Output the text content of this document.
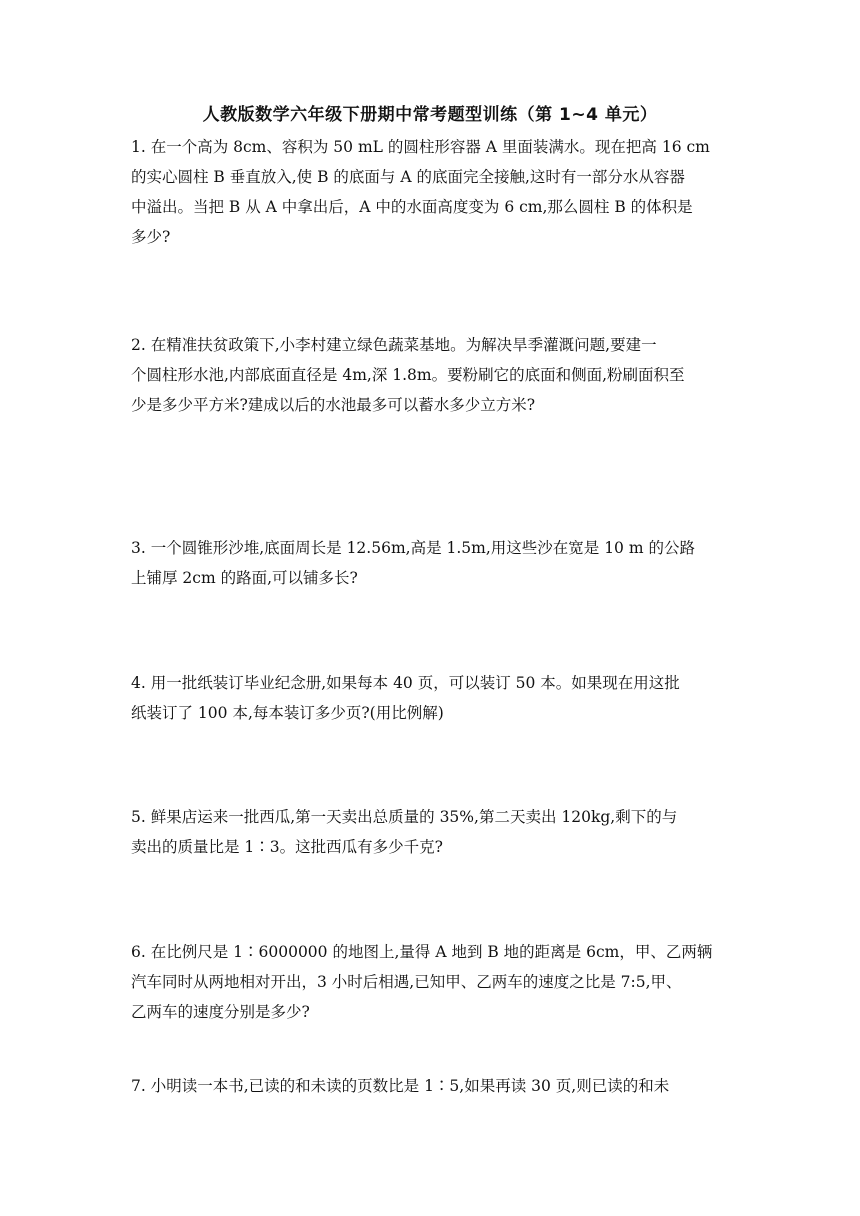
人教版数学六年级下册期中常考题型训练（第 1~4 单元）
1. 在一个高为 8cm、容积为 50 mL 的圆柱形容器 A 里面装满水。现在把高 16 cm
的实心圆柱 B 垂直放入,使 B 的底面与 A 的底面完全接触,这时有一部分水从容器
中溢出。当把 B 从 A 中拿出后，A 中的水面高度变为 6 cm,那么圆柱 B 的体积是
多少?
2. 在精准扶贫政策下,小李村建立绿色蔬菜基地。为解决旱季灌溉问题,要建一
个圆柱形水池,内部底面直径是 4m,深 1.8m。要粉刷它的底面和侧面,粉刷面积至
少是多少平方米?建成以后的水池最多可以蓄水多少立方米?
3. 一个圆锥形沙堆,底面周长是 12.56m,高是 1.5m,用这些沙在宽是 10 m 的公路
上铺厚 2cm 的路面,可以铺多长?
4. 用一批纸装订毕业纪念册,如果每本 40 页，可以装订 50 本。如果现在用这批
纸装订了 100 本,每本装订多少页?(用比例解)
5. 鲜果店运来一批西瓜,第一天卖出总质量的 35%,第二天卖出 120kg,剩下的与
卖出的质量比是 1∶3。这批西瓜有多少千克?
6. 在比例尺是 1∶6000000 的地图上,量得 A 地到 B 地的距离是 6cm，甲、乙两辆
汽车同时从两地相对开出，3 小时后相遇,已知甲、乙两车的速度之比是 7:5,甲、
乙两车的速度分别是多少?
7. 小明读一本书,已读的和未读的页数比是 1∶5,如果再读 30 页,则已读的和未
